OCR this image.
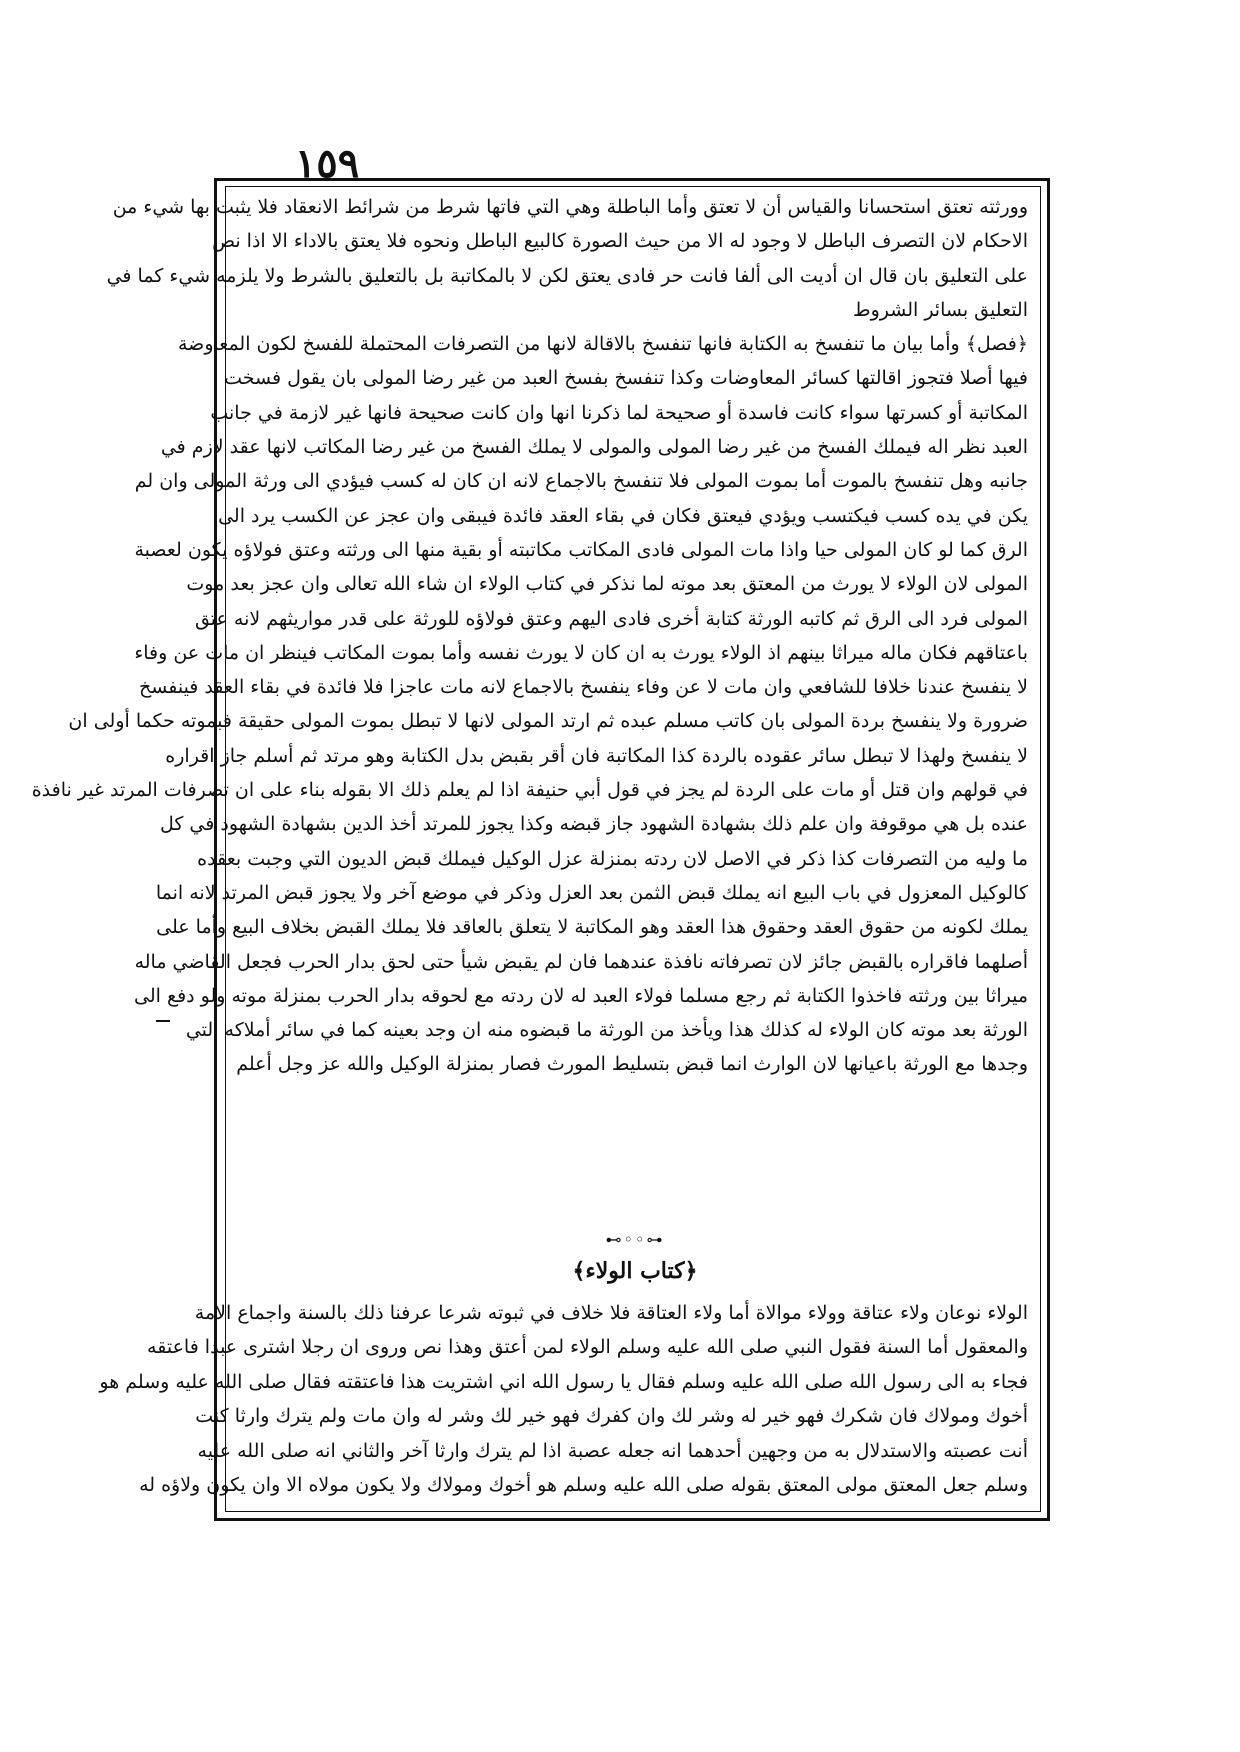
١٥٩
وورثته تعتق استحسانا والقياس أن لا تعتق وأما الباطلة وهي التي فاتها شرط من شرائط الانعقاد فلا يثبت بها شيء من
الاحكام لان التصرف الباطل لا وجود له الا من حيث الصورة كالبيع الباطل ونحوه فلا يعتق بالاداء الا اذا نص
على التعليق بان قال ان أديت الى ألفا فانت حر فادى يعتق لكن لا بالمكاتبة بل بالتعليق بالشرط ولا يلزمه شيء كما في
التعليق بسائر الشروط
﴿فصل﴾ وأما بيان ما تنفسخ به الكتابة فانها تنفسخ بالاقالة لانها من التصرفات المحتملة للفسخ لكون المعاوضة
فيها أصلا فتجوز اقالتها كسائر المعاوضات وكذا تنفسخ بفسخ العبد من غير رضا المولى بان يقول فسخت
المكاتبة أو كسرتها سواء كانت فاسدة أو صحيحة لما ذكرنا انها وان كانت صحيحة فانها غير لازمة في جانب
العبد نظر اله فيملك الفسخ من غير رضا المولى والمولى لا يملك الفسخ من غير رضا المكاتب لانها عقد لازم في
جانبه وهل تنفسخ بالموت أما بموت المولى فلا تنفسخ بالاجماع لانه ان كان له كسب فيؤدي الى ورثة المولى وان لم
يكن في يده كسب فيكتسب ويؤدي فيعتق فكان في بقاء العقد فائدة فيبقى وان عجز عن الكسب يرد الى
الرق كما لو كان المولى حيا واذا مات المولى فادى المكاتب مكاتبته أو بقية منها الى ورثته وعتق فولاؤه يكون لعصبة
المولى لان الولاء لا يورث من المعتق بعد موته لما نذكر في كتاب الولاء ان شاء الله تعالى وان عجز بعد موت
المولى فرد الى الرق ثم كاتبه الورثة كتابة أخرى فادى اليهم وعتق فولاؤه للورثة على قدر مواريثهم لانه عتق
باعتاقهم فكان ماله ميراثا بينهم اذ الولاء يورث به ان كان لا يورث نفسه وأما بموت المكاتب فينظر ان مات عن وفاء
لا ينفسخ عندنا خلافا للشافعي وان مات لا عن وفاء ينفسخ بالاجماع لانه مات عاجزا فلا فائدة في بقاء العقد فينفسخ
ضرورة ولا ينفسخ بردة المولى بان كاتب مسلم عبده ثم ارتد المولى لانها لا تبطل بموت المولى حقيقة فبموته حكما أولى ان
لا ينفسخ ولهذا لا تبطل سائر عقوده بالردة كذا المكاتبة فان أقر بقبض بدل الكتابة وهو مرتد ثم أسلم جاز اقراره
في قولهم وان قتل أو مات على الردة لم يجز في قول أبي حنيفة اذا لم يعلم ذلك الا بقوله بناء على ان تصرفات المرتد غير نافذة
عنده بل هي موقوفة وان علم ذلك بشهادة الشهود جاز قبضه وكذا يجوز للمرتد أخذ الدين بشهادة الشهود في كل
ما وليه من التصرفات كذا ذكر في الاصل لان ردته بمنزلة عزل الوكيل فيملك قبض الديون التي وجبت بعقده
كالوكيل المعزول في باب البيع انه يملك قبض الثمن بعد العزل وذكر في موضع آخر ولا يجوز قبض المرتد لانه انما
يملك لكونه من حقوق العقد وحقوق هذا العقد وهو المكاتبة لا يتعلق بالعاقد فلا يملك القبض بخلاف البيع وأما على
أصلهما فاقراره بالقبض جائز لان تصرفاته نافذة عندهما فان لم يقبض شيأ حتى لحق بدار الحرب فجعل القاضي ماله
ميراثا بين ورثته فاخذوا الكتابة ثم رجع مسلما فولاء العبد له لان ردته مع لحوقه بدار الحرب بمنزلة موته ولو دفع الى
الورثة بعد موته كان الولاء له كذلك هذا ويأخذ من الورثة ما قبضوه منه ان وجد بعينه كما في سائر أملاكه التي
وجدها مع الورثة باعيانها لان الوارث انما قبض بتسليط المورث فصار بمنزلة الوكيل والله عز وجل أعلم
⊷◦◦⊶
﴿كتاب الولاء﴾
الولاء نوعان ولاء عتاقة وولاء موالاة أما ولاء العتاقة فلا خلاف في ثبوته شرعا عرفنا ذلك بالسنة واجماع الامة
والمعقول أما السنة فقول النبي صلى الله عليه وسلم الولاء لمن أعتق وهذا نص وروى ان رجلا اشترى عبدا فاعتقه
فجاء به الى رسول الله صلى الله عليه وسلم فقال يا رسول الله اني اشتريت هذا فاعتقته فقال صلى الله عليه وسلم هو
أخوك ومولاك فان شكرك فهو خير له وشر لك وان كفرك فهو خير لك وشر له وان مات ولم يترك وارثا كنت
أنت عصبته والاستدلال به من وجهين أحدهما انه جعله عصبة اذا لم يترك وارثا آخر والثاني انه صلى الله عليه
وسلم جعل المعتق مولى المعتق بقوله صلى الله عليه وسلم هو أخوك ومولاك ولا يكون مولاه الا وان يكون ولاؤه له
